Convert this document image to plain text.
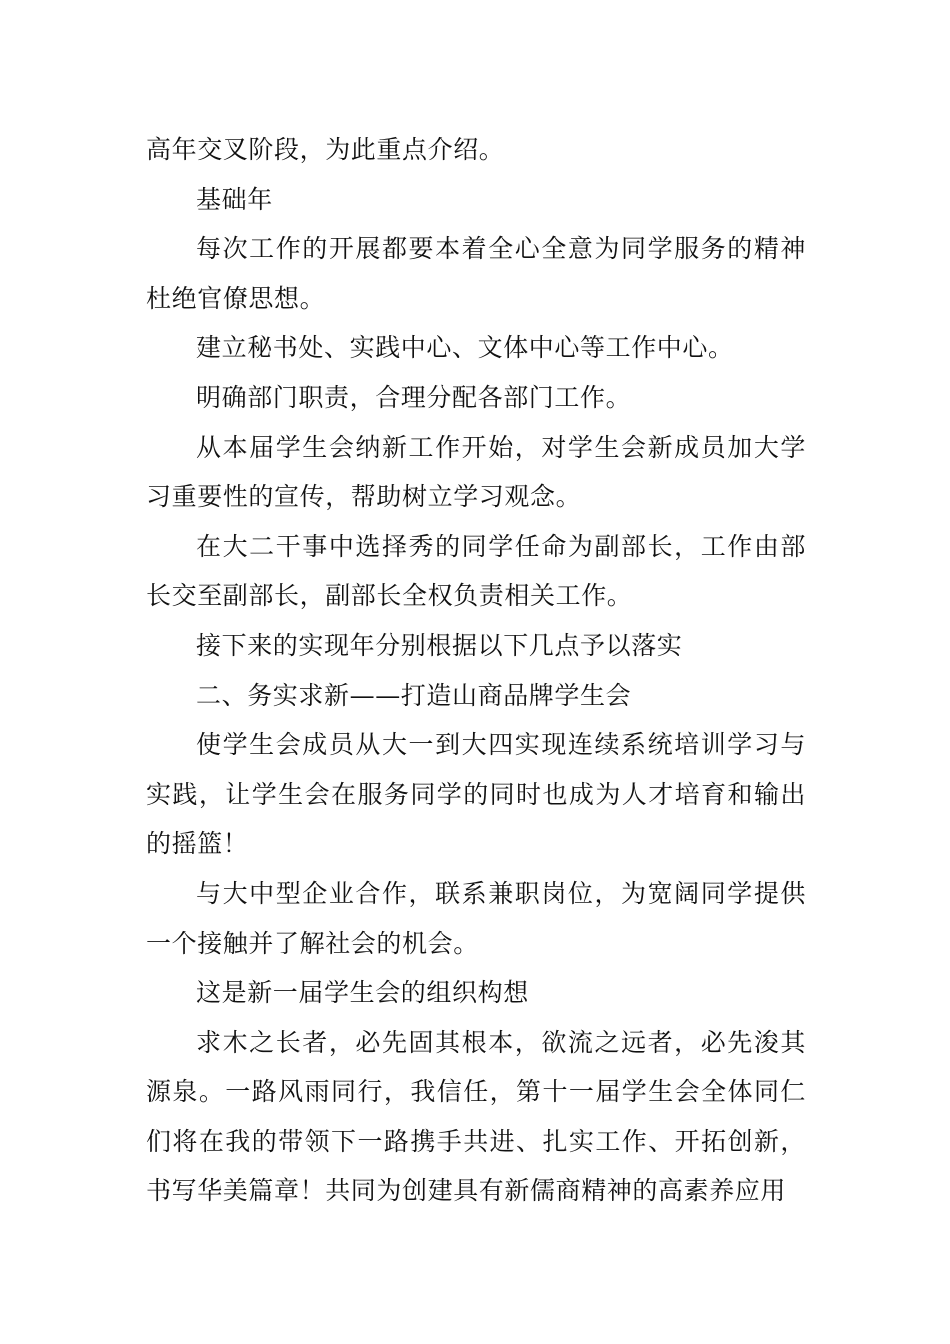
高年交叉阶段，为此重点介绍。

基础年

每次工作的开展都要本着全心全意为同学服务的精神杜绝官僚思想。

建立秘书处、实践中心、文体中心等工作中心。

明确部门职责，合理分配各部门工作。

从本届学生会纳新工作开始，对学生会新成员加大学习重要性的宣传，帮助树立学习观念。

在大二干事中选择秀的同学任命为副部长，工作由部长交至副部长，副部长全权负责相关工作。

接下来的实现年分别根据以下几点予以落实

二、务实求新——打造山商品牌学生会

使学生会成员从大一到大四实现连续系统培训学习与实践，让学生会在服务同学的同时也成为人才培育和输出的摇篮！

与大中型企业合作，联系兼职岗位，为宽阔同学提供一个接触并了解社会的机会。

这是新一届学生会的组织构想

求木之长者，必先固其根本，欲流之远者，必先浚其源泉。一路风雨同行，我信任，第十一届学生会全体同仁们将在我的带领下一路携手共进、扎实工作、开拓创新，书写华美篇章！共同为创建具有新儒商精神的高素养应用
